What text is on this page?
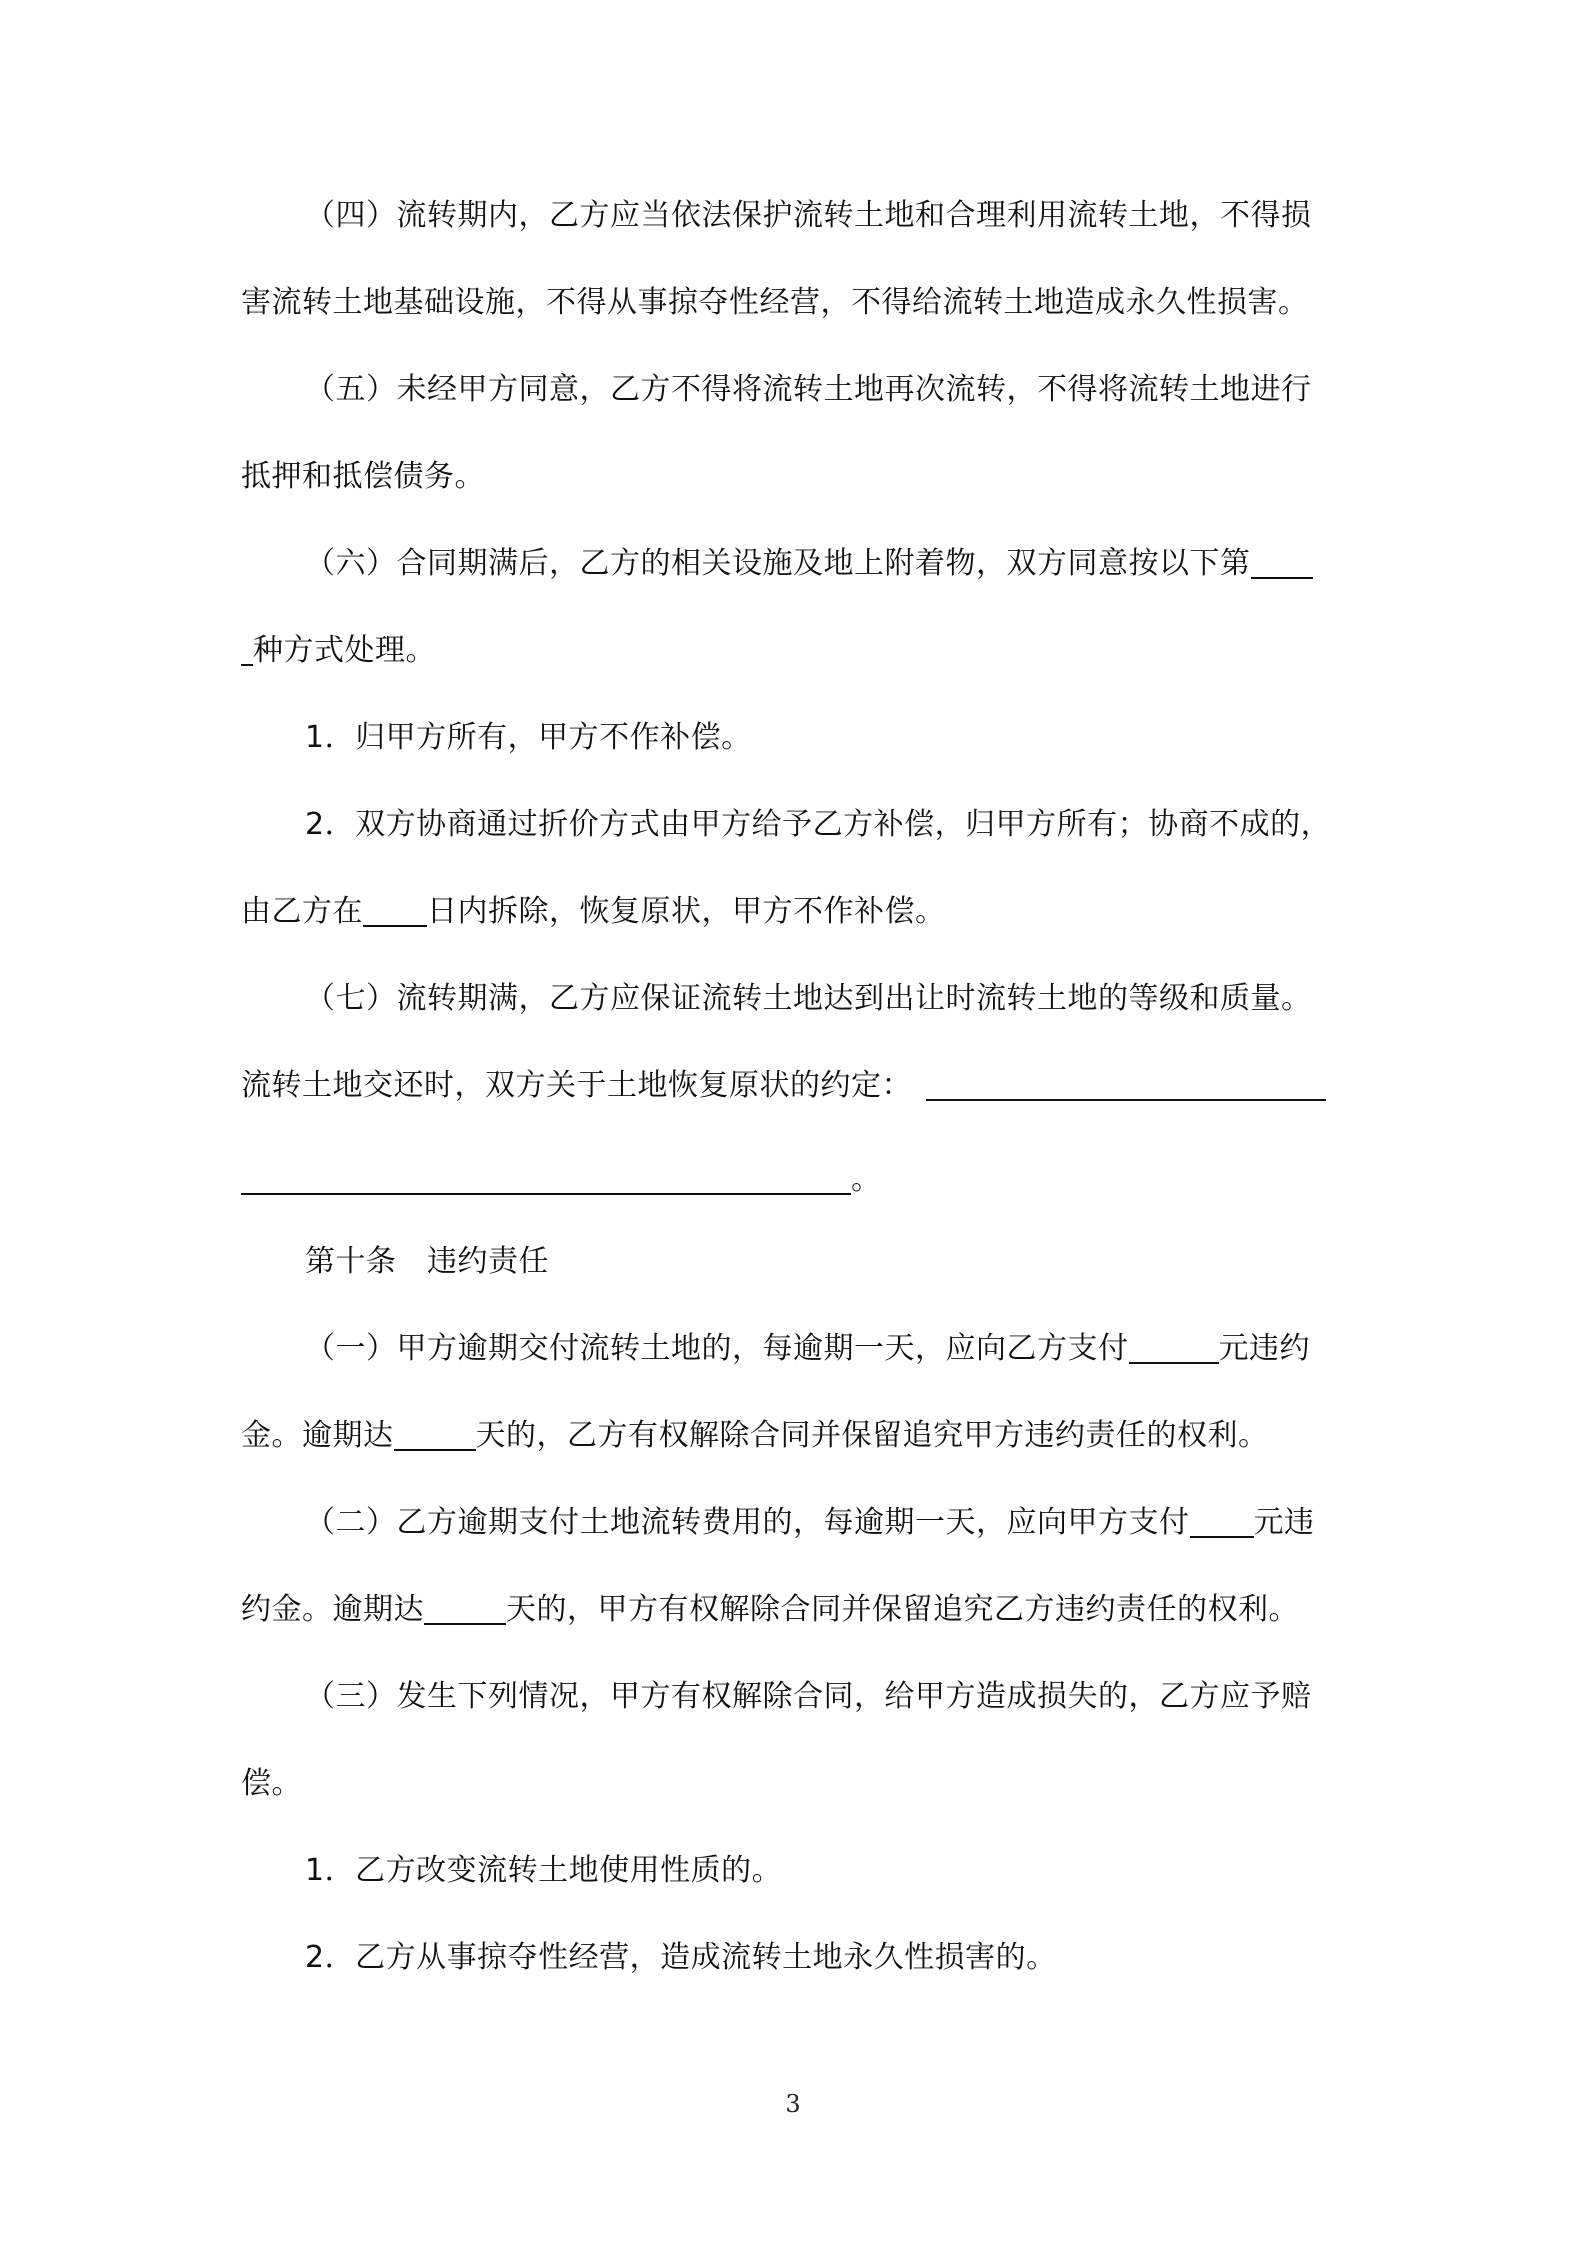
（四）流转期内，乙方应当依法保护流转土地和合理利用流转土地，不得损
害流转土地基础设施，不得从事掠夺性经营，不得给流转土地造成永久性损害。
（五）未经甲方同意，乙方不得将流转土地再次流转，不得将流转土地进行
抵押和抵偿债务。
（六）合同期满后，乙方的相关设施及地上附着物，双方同意按以下第
种方式处理。
1．归甲方所有，甲方不作补偿。
2．双方协商通过折价方式由甲方给予乙方补偿，归甲方所有；协商不成的，
由乙方在 日内拆除，恢复原状，甲方不作补偿。
（七）流转期满，乙方应保证流转土地达到出让时流转土地的等级和质量。
流转土地交还时，双方关于土地恢复原状的约定：
。
第十条　违约责任
（一）甲方逾期交付流转土地的，每逾期一天，应向乙方支付	元违约
金。逾期达	天的，乙方有权解除合同并保留追究甲方违约责任的权利。
（二）乙方逾期支付土地流转费用的，每逾期一天，应向甲方支付 元违
约金。逾期达	天的，甲方有权解除合同并保留追究乙方违约责任的权利。
（三）发生下列情况，甲方有权解除合同，给甲方造成损失的，乙方应予赔
偿。
1．乙方改变流转土地使用性质的。
2．乙方从事掠夺性经营，造成流转土地永久性损害的。
3
